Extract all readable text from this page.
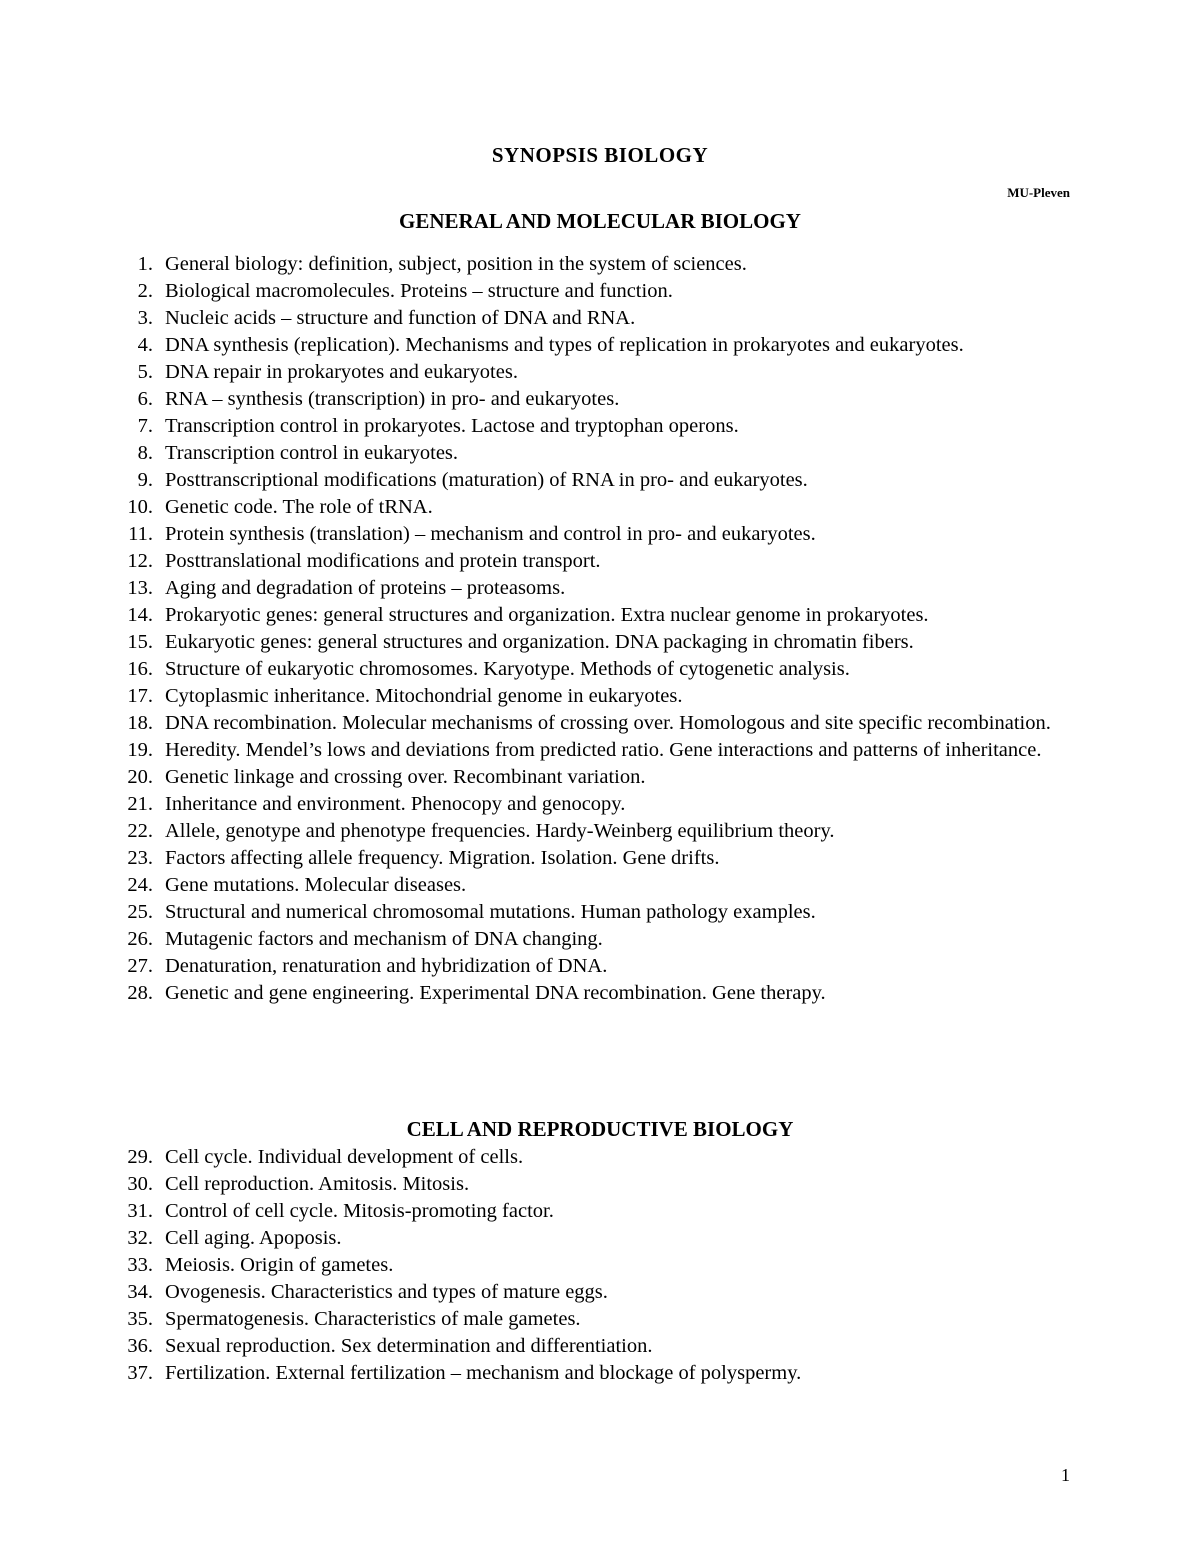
SYNOPSIS BIOLOGY
MU-Pleven
GENERAL AND MOLECULAR BIOLOGY
1. General biology: definition, subject, position in the system of sciences.
2. Biological macromolecules. Proteins – structure and function.
3. Nucleic acids – structure and function of DNA and RNA.
4. DNA synthesis (replication). Mechanisms and types of replication in prokaryotes and eukaryotes.
5. DNA repair in prokaryotes and eukaryotes.
6. RNA – synthesis (transcription) in pro- and eukaryotes.
7. Transcription control in prokaryotes. Lactose and tryptophan operons.
8. Transcription control in eukaryotes.
9. Posttranscriptional modifications (maturation) of RNA in pro- and eukaryotes.
10. Genetic code. The role of tRNA.
11. Protein synthesis (translation) – mechanism and control in pro- and eukaryotes.
12. Posttranslational modifications and protein transport.
13. Aging and degradation of proteins – proteasoms.
14. Prokaryotic genes: general structures and organization. Extra nuclear genome in prokaryotes.
15. Eukaryotic genes: general structures and organization. DNA packaging in chromatin fibers.
16. Structure of eukaryotic chromosomes. Karyotype. Methods of cytogenetic analysis.
17. Cytoplasmic inheritance. Mitochondrial genome in eukaryotes.
18. DNA recombination. Molecular mechanisms of crossing over. Homologous and site specific recombination.
19. Heredity. Mendel’s lows and deviations from predicted ratio. Gene interactions and patterns of inheritance.
20. Genetic linkage and crossing over. Recombinant variation.
21. Inheritance and environment. Phenocopy and genocopy.
22. Allele, genotype and phenotype frequencies. Hardy-Weinberg equilibrium theory.
23. Factors affecting allele frequency. Migration. Isolation. Gene drifts.
24. Gene mutations. Molecular diseases.
25. Structural and numerical chromosomal mutations. Human pathology examples.
26. Mutagenic factors and mechanism of DNA changing.
27. Denaturation, renaturation and hybridization of DNA.
28. Genetic and gene engineering. Experimental DNA recombination. Gene therapy.
CELL AND REPRODUCTIVE BIOLOGY
29. Cell cycle. Individual development of cells.
30. Cell reproduction. Amitosis. Mitosis.
31. Control of cell cycle. Mitosis-promoting factor.
32. Cell aging. Apoposis.
33. Meiosis. Origin of gametes.
34. Ovogenesis. Characteristics and types of mature eggs.
35. Spermatogenesis. Characteristics of male gametes.
36. Sexual reproduction. Sex determination and differentiation.
37. Fertilization. External fertilization – mechanism and blockage of polyspermy.
1
